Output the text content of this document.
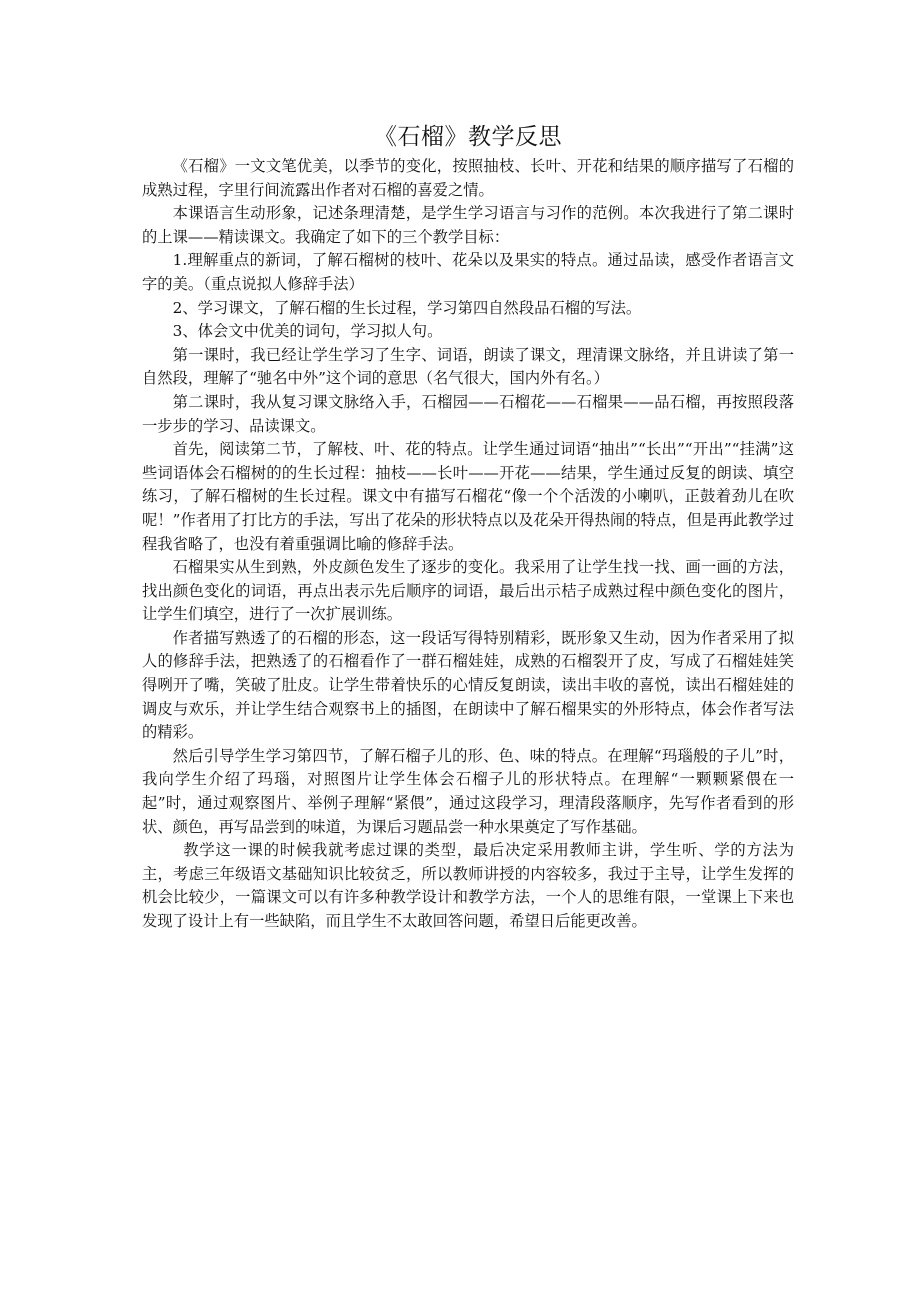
《石榴》教学反思

《石榴》一文文笔优美，以季节的变化，按照抽枝、长叶、开花和结果的顺序描写了石榴的成熟过程，字里行间流露出作者对石榴的喜爱之情。

本课语言生动形象，记述条理清楚，是学生学习语言与习作的范例。本次我进行了第二课时的上课——精读课文。我确定了如下的三个教学目标：

1.理解重点的新词，了解石榴树的枝叶、花朵以及果实的特点。通过品读，感受作者语言文字的美。（重点说拟人修辞手法）

2、学习课文，了解石榴的生长过程，学习第四自然段品石榴的写法。

3、体会文中优美的词句，学习拟人句。

第一课时，我已经让学生学习了生字、词语，朗读了课文，理清课文脉络，并且讲读了第一自然段，理解了“驰名中外”这个词的意思（名气很大，国内外有名。）

第二课时，我从复习课文脉络入手，石榴园——石榴花——石榴果——品石榴，再按照段落一步步的学习、品读课文。

首先，阅读第二节，了解枝、叶、花的特点。让学生通过词语“抽出”“长出”“开出”“挂满”这些词语体会石榴树的的生长过程：抽枝——长叶——开花——结果，学生通过反复的朗读、填空练习，了解石榴树的生长过程。课文中有描写石榴花“像一个个活泼的小喇叭，正鼓着劲儿在吹呢！”作者用了打比方的手法，写出了花朵的形状特点以及花朵开得热闹的特点，但是再此教学过程我省略了，也没有着重强调比喻的修辞手法。

石榴果实从生到熟，外皮颜色发生了逐步的变化。我采用了让学生找一找、画一画的方法，找出颜色变化的词语，再点出表示先后顺序的词语，最后出示桔子成熟过程中颜色变化的图片，让学生们填空，进行了一次扩展训练。

作者描写熟透了的石榴的形态，这一段话写得特别精彩，既形象又生动，因为作者采用了拟人的修辞手法，把熟透了的石榴看作了一群石榴娃娃，成熟的石榴裂开了皮，写成了石榴娃娃笑得咧开了嘴，笑破了肚皮。让学生带着快乐的心情反复朗读，读出丰收的喜悦，读出石榴娃娃的调皮与欢乐，并让学生结合观察书上的插图，在朗读中了解石榴果实的外形特点，体会作者写法的精彩。

然后引导学生学习第四节，了解石榴子儿的形、色、味的特点。在理解“玛瑙般的子儿”时，我向学生介绍了玛瑙，对照图片让学生体会石榴子儿的形状特点。在理解“一颗颗紧偎在一起”时，通过观察图片、举例子理解“紧偎”，通过这段学习，理清段落顺序，先写作者看到的形状、颜色，再写品尝到的味道，为课后习题品尝一种水果奠定了写作基础。

教学这一课的时候我就考虑过课的类型，最后决定采用教师主讲，学生听、学的方法为主，考虑三年级语文基础知识比较贫乏，所以教师讲授的内容较多，我过于主导，让学生发挥的机会比较少，一篇课文可以有许多种教学设计和教学方法，一个人的思维有限，一堂课上下来也发现了设计上有一些缺陷，而且学生不太敢回答问题，希望日后能更改善。
